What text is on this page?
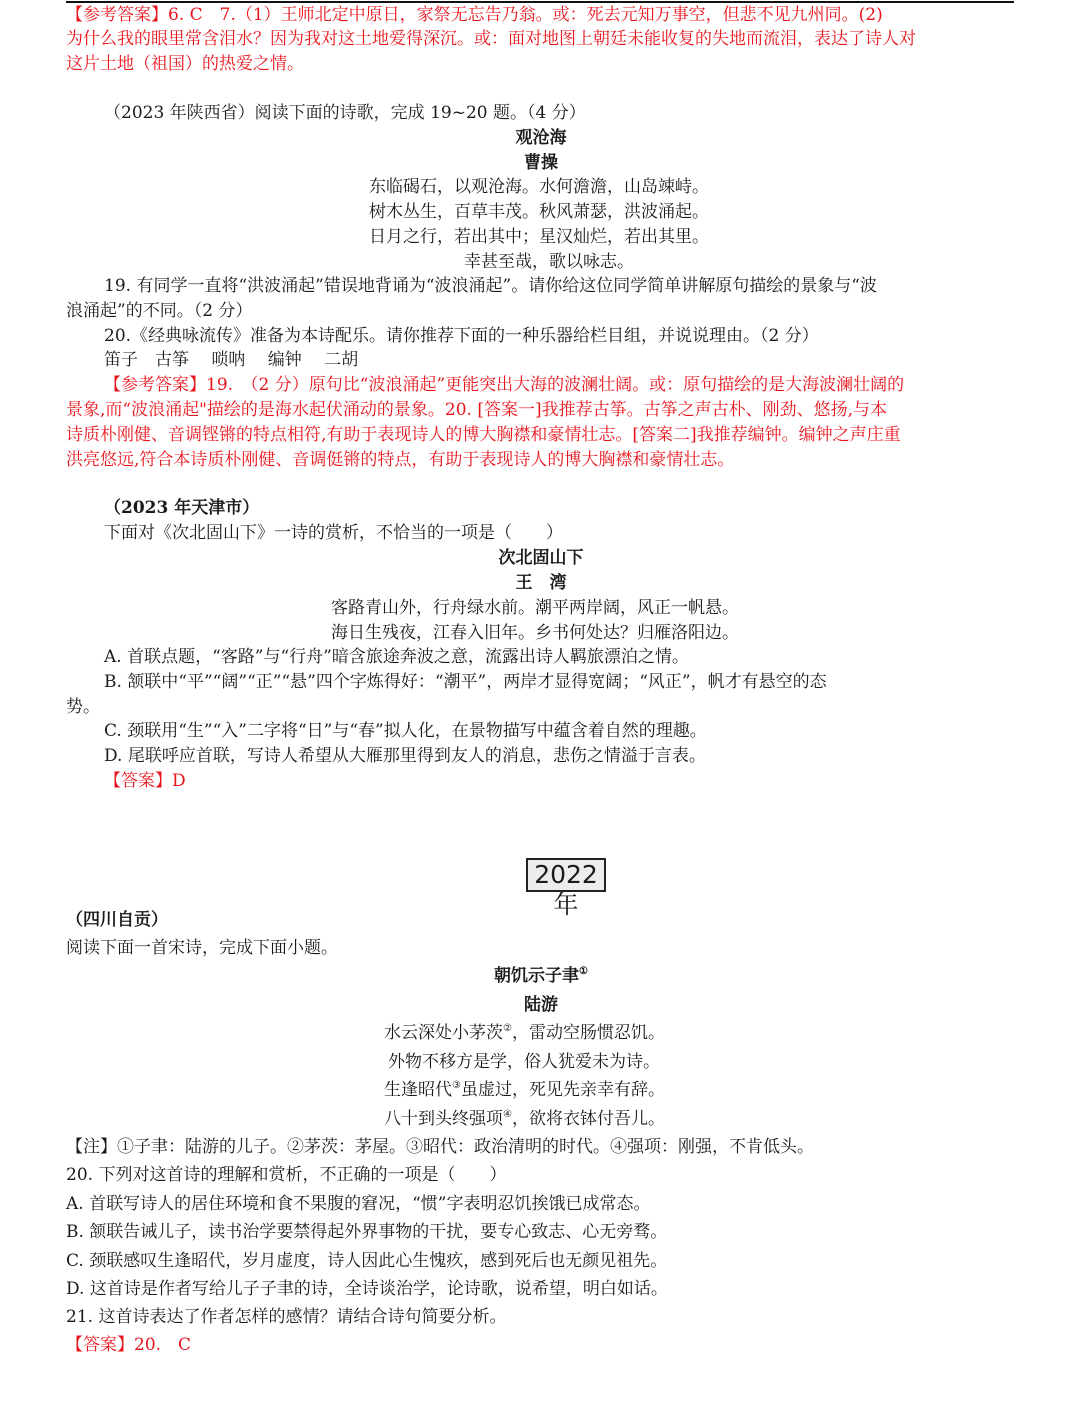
【参考答案】6. C　7.（1）王师北定中原日，家祭无忘告乃翁。或：死去元知万事空，但悲不见九州同。(2)
为什么我的眼里常含泪水？因为我对这土地爱得深沉。或：面对地图上朝廷未能收复的失地而流泪，表达了诗人对
这片土地（祖国）的热爱之情。
（2023 年陕西省）阅读下面的诗歌，完成 19~20 题。（4 分）
观沧海
曹操
东临碣石，以观沧海。水何澹澹，山岛竦峙。
树木丛生，百草丰茂。秋风萧瑟，洪波涌起。
日月之行，若出其中；星汉灿烂，若出其里。
幸甚至哉，歌以咏志。
19. 有同学一直将“洪波涌起”错误地背诵为“波浪涌起”。请你给这位同学简单讲解原句描绘的景象与“波
浪涌起”的不同。（2 分）
20.《经典咏流传》准备为本诗配乐。请你推荐下面的一种乐器给栏目组，并说说理由。（2 分）
笛子　古筝　 唢呐　 编钟　 二胡
【参考答案】19.　（2 分）原句比“波浪涌起”更能突出大海的波澜壮阔。或：原句描绘的是大海波澜壮阔的
景象,而“波浪涌起"描绘的是海水起伏涌动的景象。20. [答案一]我推荐古筝。古筝之声古朴、刚劲、悠扬,与本
诗质朴刚健、音调铿锵的特点相符,有助于表现诗人的博大胸襟和豪情壮志。[答案二]我推荐编钟。编钟之声庄重
洪亮悠远,符合本诗质朴刚健、音调侹锵的特点，有助于表现诗人的博大胸襟和豪情壮志。
（2023 年天津市）
下面对《次北固山下》一诗的赏析，不恰当的一项是（　　）
次北固山下
王　湾
客路青山外，行舟绿水前。潮平两岸阔，风正一帆悬。
海日生残夜，江春入旧年。乡书何处达？归雁洛阳边。
A. 首联点题，“客路”与“行舟”暗含旅途奔波之意，流露出诗人羁旅漂泊之情。
B. 颔联中“平”“阔”“正”“悬”四个字炼得好：“潮平”，两岸才显得宽阔；“风正”，帆才有悬空的态
势。
C. 颈联用“生”“入”二字将“日”与“春”拟人化，在景物描写中蕴含着自然的理趣。
D. 尾联呼应首联，写诗人希望从大雁那里得到友人的消息，悲伤之情溢于言表。
【答案】D
2022年
（四川自贡）
阅读下面一首宋诗，完成下面小题。
朝饥示子聿①
陆游
水云深处小茅茨②，雷动空肠惯忍饥。
外物不移方是学，俗人犹爱未为诗。
生逢昭代③虽虚过，死见先亲幸有辞。
八十到头终强项④，欲将衣钵付吾儿。
【注】①子聿：陆游的儿子。②茅茨：茅屋。③昭代：政治清明的时代。④强项：刚强，不肯低头。
20. 下列对这首诗的理解和赏析，不正确的一项是（　　）
A. 首联写诗人的居住环境和食不果腹的窘况，“惯”字表明忍饥挨饿已成常态。
B. 颔联告诫儿子，读书治学要禁得起外界事物的干扰，要专心致志、心无旁骛。
C. 颈联感叹生逢昭代，岁月虚度，诗人因此心生愧疚，感到死后也无颜见祖先。
D. 这首诗是作者写给儿子子聿的诗，全诗谈治学，论诗歌，说希望，明白如话。
21. 这首诗表达了作者怎样的感情？请结合诗句简要分析。
【答案】20.　C
